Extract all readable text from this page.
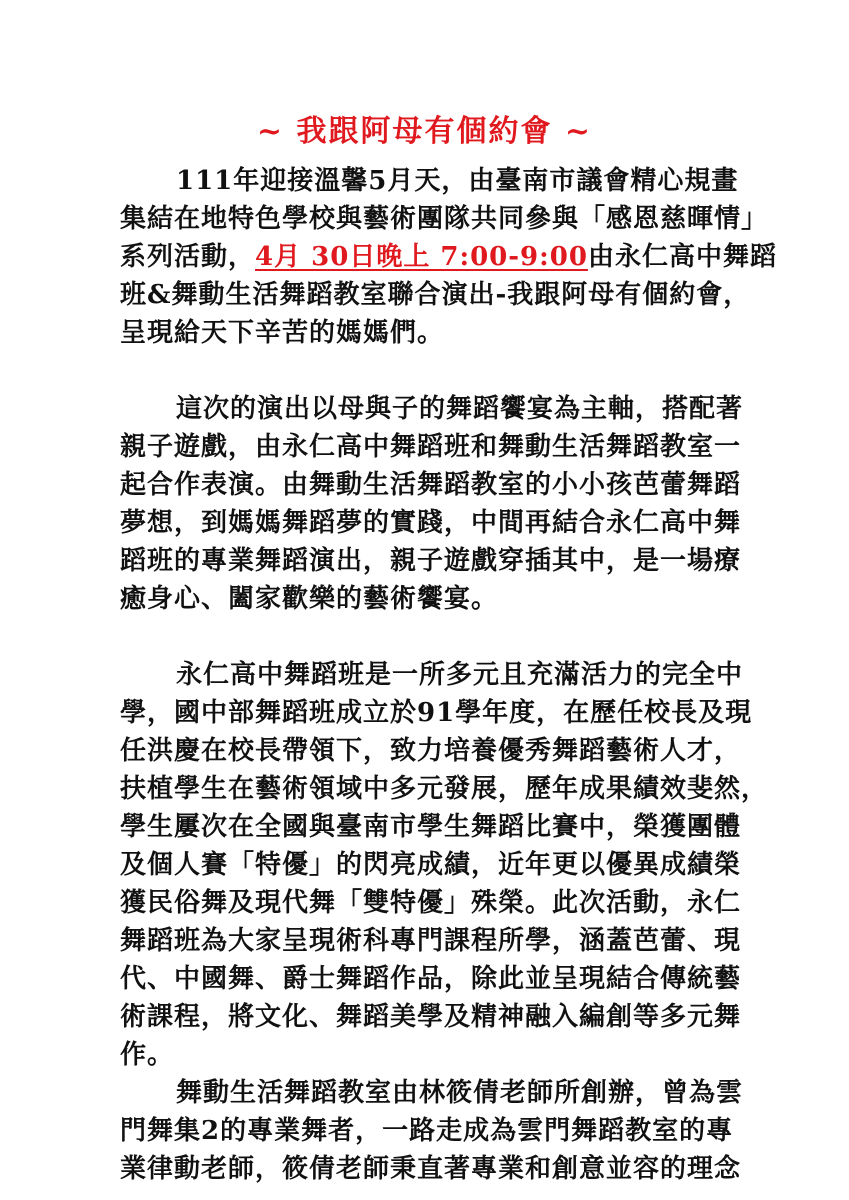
~ 我跟阿母有個約會 ~
111年迎接溫馨5月天，由臺南市議會精心規畫
集結在地特色學校與藝術團隊共同參與「感恩慈暉情」
系列活動，4月 30日晚上 7:00-9:00由永仁高中舞蹈
班&舞動生活舞蹈教室聯合演出-我跟阿母有個約會，
呈現給天下辛苦的媽媽們。
這次的演出以母與子的舞蹈饗宴為主軸，搭配著
親子遊戲，由永仁高中舞蹈班和舞動生活舞蹈教室一
起合作表演。由舞動生活舞蹈教室的小小孩芭蕾舞蹈
夢想，到媽媽舞蹈夢的實踐，中間再結合永仁高中舞
蹈班的專業舞蹈演出，親子遊戲穿插其中，是一場療
癒身心、闔家歡樂的藝術饗宴。
永仁高中舞蹈班是一所多元且充滿活力的完全中
學，國中部舞蹈班成立於91學年度，在歷任校長及現
任洪慶在校長帶領下，致力培養優秀舞蹈藝術人才，
扶植學生在藝術領域中多元發展，歷年成果績效斐然，
學生屢次在全國與臺南市學生舞蹈比賽中，榮獲團體
及個人賽「特優」的閃亮成績，近年更以優異成績榮
獲民俗舞及現代舞「雙特優」殊榮。此次活動，永仁
舞蹈班為大家呈現術科專門課程所學，涵蓋芭蕾、現
代、中國舞、爵士舞蹈作品，除此並呈現結合傳統藝
術課程，將文化、舞蹈美學及精神融入編創等多元舞
作。
舞動生活舞蹈教室由林筱倩老師所創辦，曾為雲
門舞集2的專業舞者，一路走成為雲門舞蹈教室的專
業律動老師，筱倩老師秉直著專業和創意並容的理念
